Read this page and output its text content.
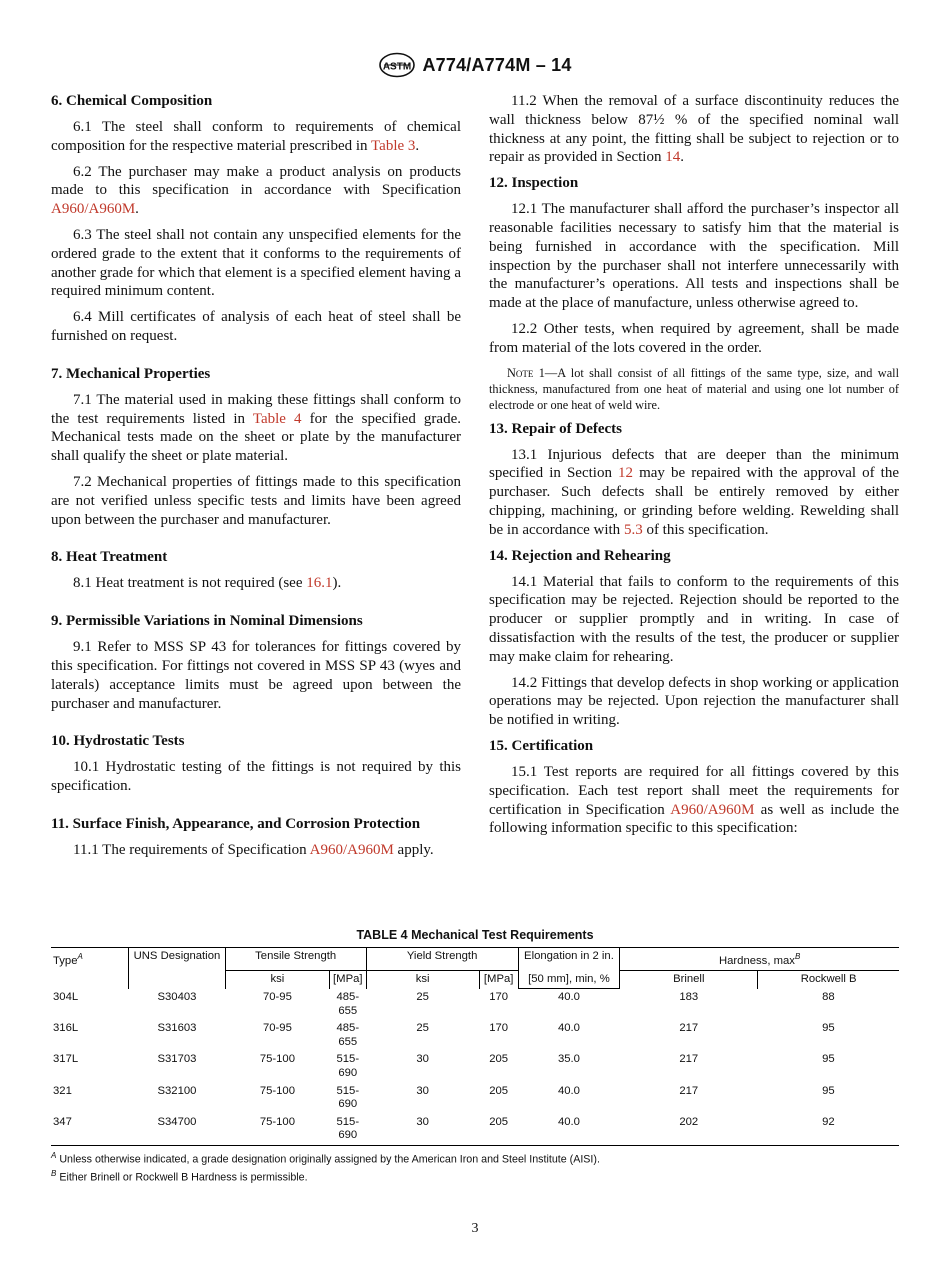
ASTM A774/A774M – 14
6. Chemical Composition

6.1 The steel shall conform to requirements of chemical composition for the respective material prescribed in Table 3.

6.2 The purchaser may make a product analysis on products made to this specification in accordance with Specification A960/A960M.

6.3 The steel shall not contain any unspecified elements for the ordered grade to the extent that it conforms to the requirements of another grade for which that element is a specified element having a required minimum content.

6.4 Mill certificates of analysis of each heat of steel shall be furnished on request.

7. Mechanical Properties

7.1 The material used in making these fittings shall conform to the test requirements listed in Table 4 for the specified grade. Mechanical tests made on the sheet or plate by the manufacturer shall qualify the sheet or plate material.

7.2 Mechanical properties of fittings made to this specification are not verified unless specific tests and limits have been agreed upon between the purchaser and manufacturer.

8. Heat Treatment

8.1 Heat treatment is not required (see 16.1).

9. Permissible Variations in Nominal Dimensions

9.1 Refer to MSS SP 43 for tolerances for fittings covered by this specification. For fittings not covered in MSS SP 43 (wyes and laterals) acceptance limits must be agreed upon between the purchaser and manufacturer.

10. Hydrostatic Tests

10.1 Hydrostatic testing of the fittings is not required by this specification.

11. Surface Finish, Appearance, and Corrosion Protection

11.1 The requirements of Specification A960/A960M apply.

11.2 When the removal of a surface discontinuity reduces the wall thickness below 87½ % of the specified nominal wall thickness at any point, the fitting shall be subject to rejection or to repair as provided in Section 14.

12. Inspection

12.1 The manufacturer shall afford the purchaser’s inspector all reasonable facilities necessary to satisfy him that the material is being furnished in accordance with the specification. Mill inspection by the purchaser shall not interfere unnecessarily with the manufacturer’s operations. All tests and inspections shall be made at the place of manufacture, unless otherwise agreed to.

12.2 Other tests, when required by agreement, shall be made from material of the lots covered in the order.

Note 1—A lot shall consist of all fittings of the same type, size, and wall thickness, manufactured from one heat of material and using one lot number of electrode or one heat of weld wire.

13. Repair of Defects

13.1 Injurious defects that are deeper than the minimum specified in Section 12 may be repaired with the approval of the purchaser. Such defects shall be entirely removed by either chipping, machining, or grinding before welding. Rewelding shall be in accordance with 5.3 of this specification.

14. Rejection and Rehearing

14.1 Material that fails to conform to the requirements of this specification may be rejected. Rejection should be reported to the producer or supplier promptly and in writing. In case of dissatisfaction with the results of the test, the producer or supplier may make claim for rehearing.

14.2 Fittings that develop defects in shop working or application operations may be rejected. Upon rejection the manufacturer shall be notified in writing.

15. Certification

15.1 Test reports are required for all fittings covered by this specification. Each test report shall meet the requirements for certification in Specification A960/A960M as well as include the following information specific to this specification:

TABLE 4 Mechanical Test Requirements
Type$^A$	UNS Designation	Tensile Strength		Yield Strength		Elongation in 2 in.	Hardness, $\max^B$
		ksi	[MPa]	ksi	[MPa]		Brinell	Rockwell B
						[50 mm], min, %		
304L	S30403	70-95	485-655	25	170	40.0	183	88
316L	S31603	70-95	485-655	25	170	40.0	217	95
317L	S31703	75-100	515-690	30	205	35.0	217	95
321	S32100	75-100	515-690	30	205	40.0	217	95
347	S34700	75-100	515-690	30	205	40.0	202	92
$^A$ Unless otherwise indicated, a grade designation originally assigned by the American Iron and Steel Institute (AISI).
$^B$ Either Brinell or Rockwell B Hardness is permissible.
3
